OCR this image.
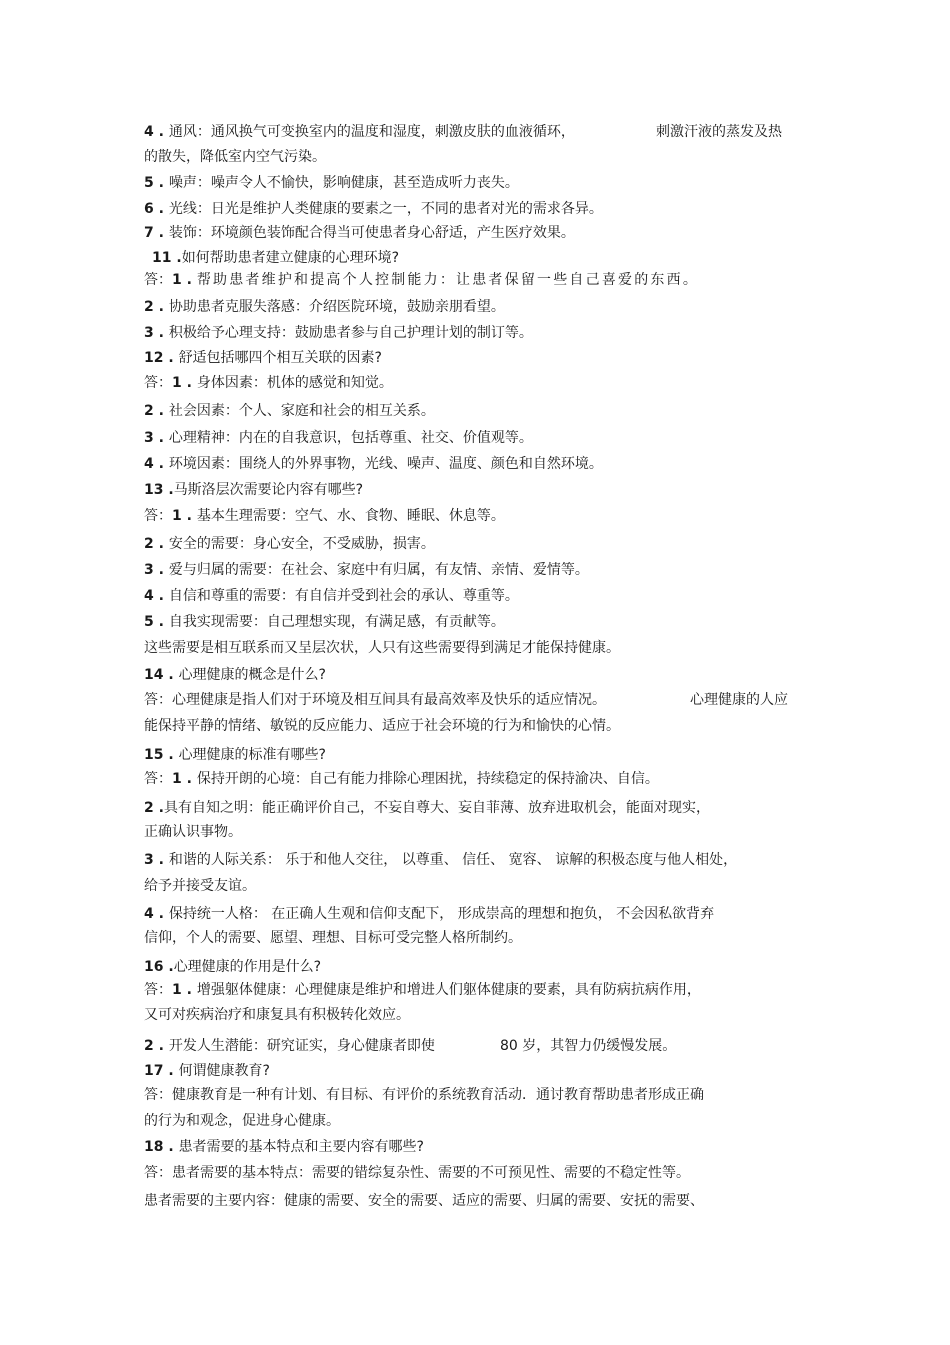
4 . 通风：通风换气可变换室内的温度和湿度，刺激皮肤的血液循环，	刺激汗液的蒸发及热
的散失，降低室内空气污染。
5 . 噪声：噪声令人不愉快，影响健康，甚至造成听力丧失。
6 . 光线：日光是维护人类健康的要素之一，不同的患者对光的需求各异。
7 . 装饰：环境颜色装饰配合得当可使患者身心舒适，产生医疗效果。
11 .如何帮助患者建立健康的心理环境?
答：1 . 帮助患者维护和提高个人控制能力：让患者保留一些自己喜爱的东西。
2 . 协助患者克服失落感：介绍医院环境，鼓励亲朋看望。
3 . 积极给予心理支持：鼓励患者参与自己护理计划的制订等。
12 . 舒适包括哪四个相互关联的因素?
答：1 . 身体因素：机体的感觉和知觉。
2 . 社会因素：个人、家庭和社会的相互关系。
3 . 心理精神：内在的自我意识，包括尊重、社交、价值观等。
4 . 环境因素：围绕人的外界事物，光线、噪声、温度、颜色和自然环境。
13 .马斯洛层次需要论内容有哪些?
答：1 . 基本生理需要：空气、水、食物、睡眠、休息等。
2 . 安全的需要：身心安全，不受威胁，损害。
3 . 爱与归属的需要：在社会、家庭中有归属，有友情、亲情、爱情等。
4 . 自信和尊重的需要：有自信并受到社会的承认、尊重等。
5 . 自我实现需要：自己理想实现，有满足感，有贡献等。
这些需要是相互联系而又呈层次状，人只有这些需要得到满足才能保持健康。
14 . 心理健康的概念是什么?
答：心理健康是指人们对于环境及相互间具有最高效率及快乐的适应情况。	心理健康的人应
能保持平静的情绪、敏锐的反应能力、适应于社会环境的行为和愉快的心情。
15 . 心理健康的标准有哪些?
答：1 . 保持开朗的心境：自己有能力排除心理困扰，持续稳定的保持渝决、自信。
2 .具有自知之明：能正确评价自己，不妄自尊大、妄自菲薄、放弃进取机会，能面对现实，
正确认识事物。
3 . 和谐的人际关系： 乐于和他人交往， 以尊重、 信任、 宽容、 谅解的积极态度与他人相处，
给予并接受友谊。
4 . 保持统一人格： 在正确人生观和信仰支配下， 形成崇高的理想和抱负， 不会因私欲背弃
信仰，个人的需要、愿望、理想、目标可受完整人格所制约。
16 .心理健康的作用是什么?
答：1 . 增强躯体健康：心理健康是维护和增进人们躯体健康的要素，具有防病抗病作用，
又可对疾病治疗和康复具有积极转化效应。
2 . 开发人生潜能：研究证实，身心健康者即使	80 岁，其智力仍缓慢发展。
17 . 何谓健康教育?
答：健康教育是一种有计划、有目标、有评价的系统教育活动．通讨教育帮助患者形成正确
的行为和观念，促进身心健康。
18 . 患者需要的基本特点和主要内容有哪些?
答：患者需要的基本特点：需要的错综复杂性、需要的不可预见性、需要的不稳定性等。
患者需要的主要内容：健康的需要、安全的需要、适应的需要、归属的需要、安抚的需要、
